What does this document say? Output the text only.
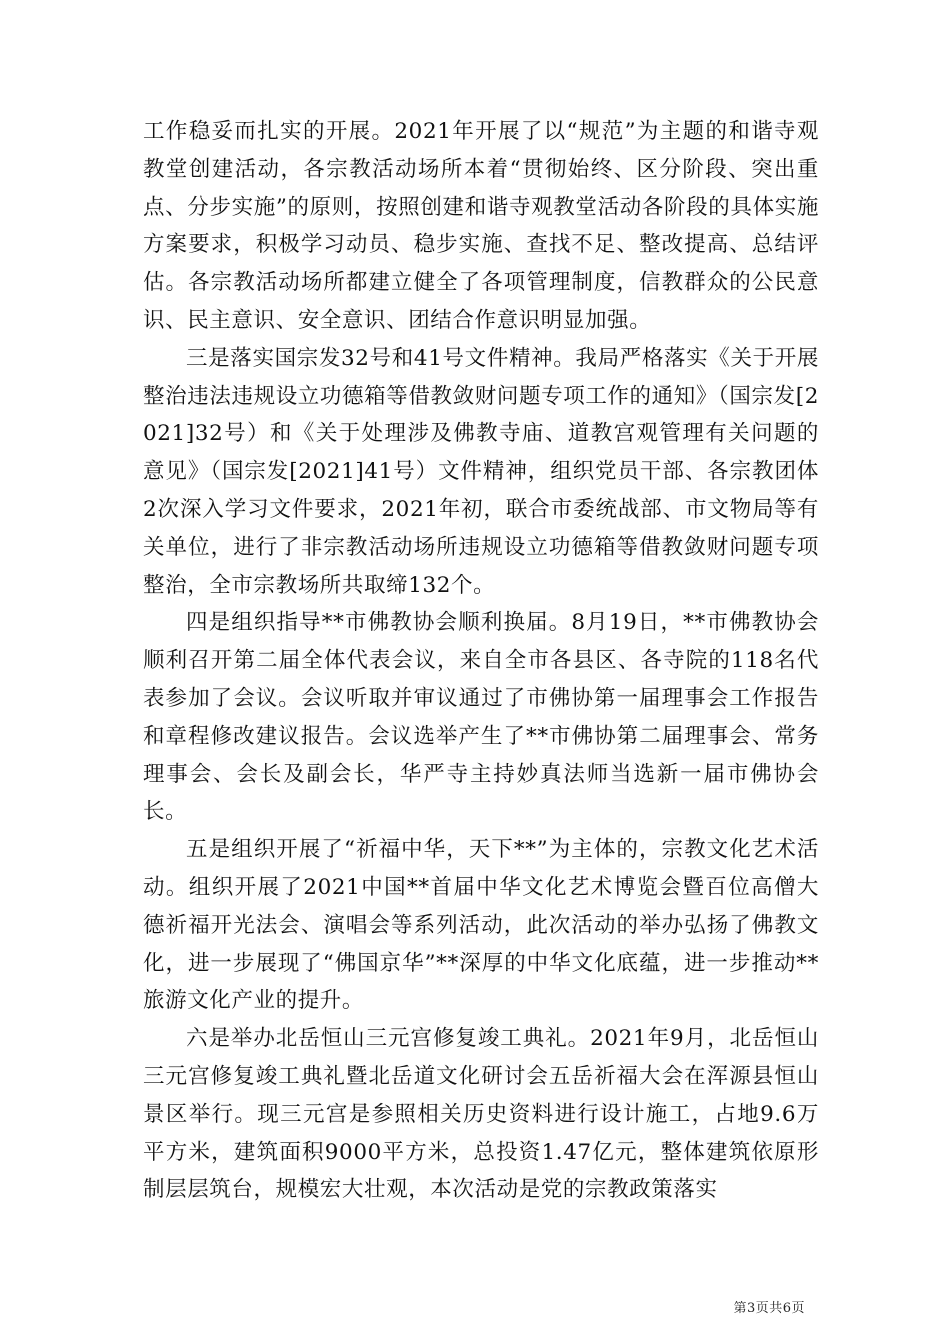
工作稳妥而扎实的开展。2021年开展了以“规范”为主题的和谐寺观教堂创建活动，各宗教活动场所本着“贯彻始终、区分阶段、突出重点、分步实施”的原则，按照创建和谐寺观教堂活动各阶段的具体实施方案要求，积极学习动员、稳步实施、查找不足、整改提高、总结评估。各宗教活动场所都建立健全了各项管理制度，信教群众的公民意识、民主意识、安全意识、团结合作意识明显加强。

三是落实国宗发32号和41号文件精神。我局严格落实《关于开展整治违法违规设立功德箱等借教敛财问题专项工作的通知》（国宗发[2021]32号）和《关于处理涉及佛教寺庙、道教宫观管理有关问题的意见》（国宗发[2021]41号）文件精神，组织党员干部、各宗教团体2次深入学习文件要求，2021年初，联合市委统战部、市文物局等有关单位，进行了非宗教活动场所违规设立功德箱等借教敛财问题专项整治，全市宗教场所共取缔132个。

四是组织指导**市佛教协会顺利换届。8月19日，**市佛教协会顺利召开第二届全体代表会议，来自全市各县区、各寺院的118名代表参加了会议。会议听取并审议通过了市佛协第一届理事会工作报告和章程修改建议报告。会议选举产生了**市佛协第二届理事会、常务理事会、会长及副会长，华严寺主持妙真法师当选新一届市佛协会长。

五是组织开展了“祈福中华，天下**”为主体的，宗教文化艺术活动。组织开展了2021中国**首届中华文化艺术博览会暨百位高僧大德祈福开光法会、演唱会等系列活动，此次活动的举办弘扬了佛教文化，进一步展现了“佛国京华”**深厚的中华文化底蕴，进一步推动**旅游文化产业的提升。

六是举办北岳恒山三元宫修复竣工典礼。2021年9月，北岳恒山三元宫修复竣工典礼暨北岳道文化研讨会五岳祈福大会在浑源县恒山景区举行。现三元宫是参照相关历史资料进行设计施工，占地9.6万平方米，建筑面积9000平方米，总投资1.47亿元，整体建筑依原形制层层筑台，规模宏大壮观，本次活动是党的宗教政策落实

第3页共6页
